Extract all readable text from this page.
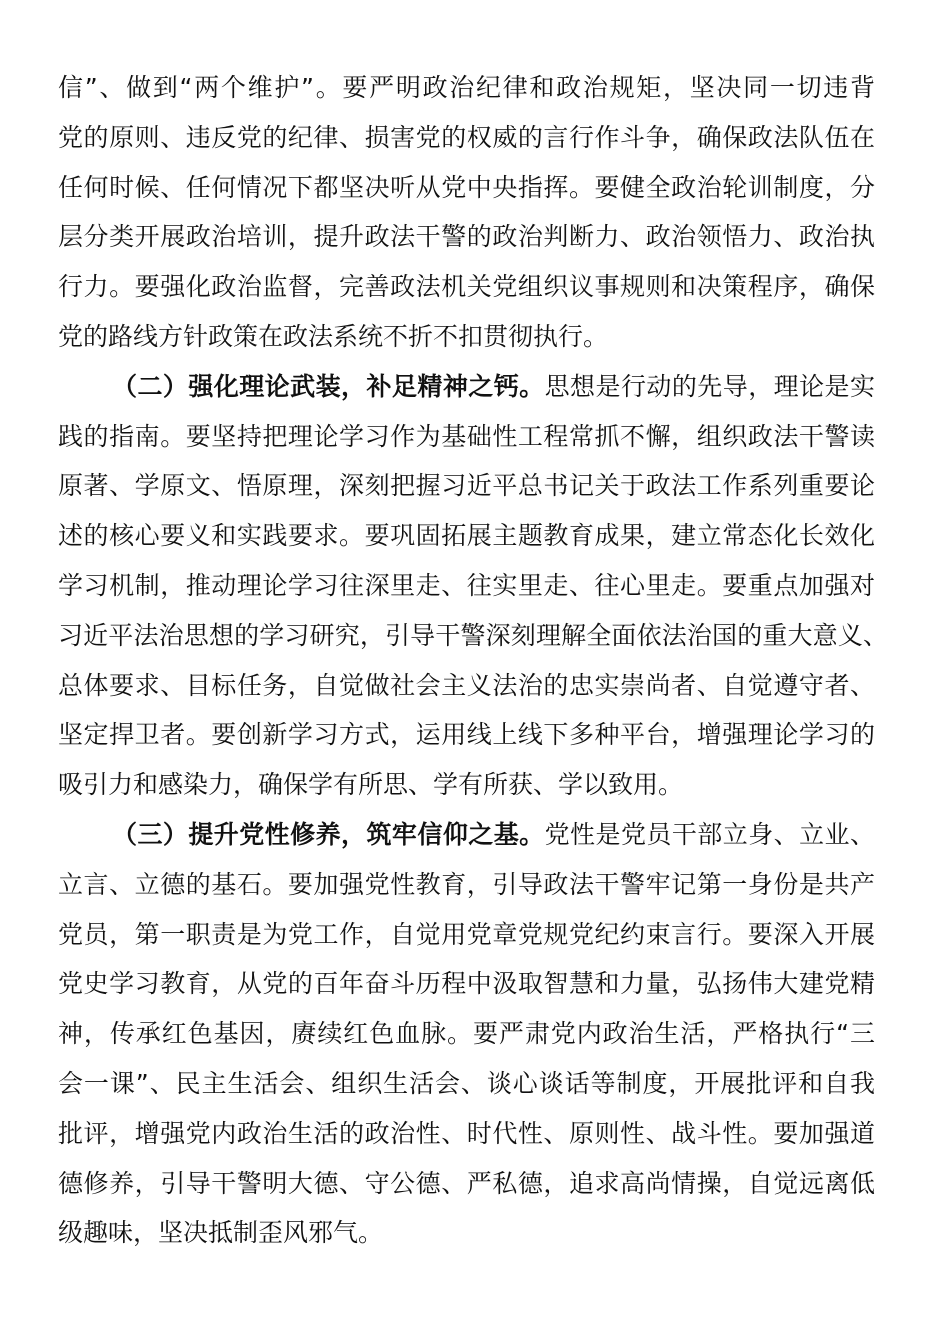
信”、做到“两个维护”。要严明政治纪律和政治规矩，坚决同一切违背
党的原则、违反党的纪律、损害党的权威的言行作斗争，确保政法队伍在
任何时候、任何情况下都坚决听从党中央指挥。要健全政治轮训制度，分
层分类开展政治培训，提升政法干警的政治判断力、政治领悟力、政治执
行力。要强化政治监督，完善政法机关党组织议事规则和决策程序，确保
党的路线方针政策在政法系统不折不扣贯彻执行。
（二）强化理论武装，补足精神之钙。思想是行动的先导，理论是实
践的指南。要坚持把理论学习作为基础性工程常抓不懈，组织政法干警读
原著、学原文、悟原理，深刻把握习近平总书记关于政法工作系列重要论
述的核心要义和实践要求。要巩固拓展主题教育成果，建立常态化长效化
学习机制，推动理论学习往深里走、往实里走、往心里走。要重点加强对
习近平法治思想的学习研究，引导干警深刻理解全面依法治国的重大意义、
总体要求、目标任务，自觉做社会主义法治的忠实崇尚者、自觉遵守者、
坚定捍卫者。要创新学习方式，运用线上线下多种平台，增强理论学习的
吸引力和感染力，确保学有所思、学有所获、学以致用。
（三）提升党性修养，筑牢信仰之基。党性是党员干部立身、立业、
立言、立德的基石。要加强党性教育，引导政法干警牢记第一身份是共产
党员，第一职责是为党工作，自觉用党章党规党纪约束言行。要深入开展
党史学习教育，从党的百年奋斗历程中汲取智慧和力量，弘扬伟大建党精
神，传承红色基因，赓续红色血脉。要严肃党内政治生活，严格执行“三
会一课”、民主生活会、组织生活会、谈心谈话等制度，开展批评和自我
批评，增强党内政治生活的政治性、时代性、原则性、战斗性。要加强道
德修养，引导干警明大德、守公德、严私德，追求高尚情操，自觉远离低
级趣味，坚决抵制歪风邪气。
